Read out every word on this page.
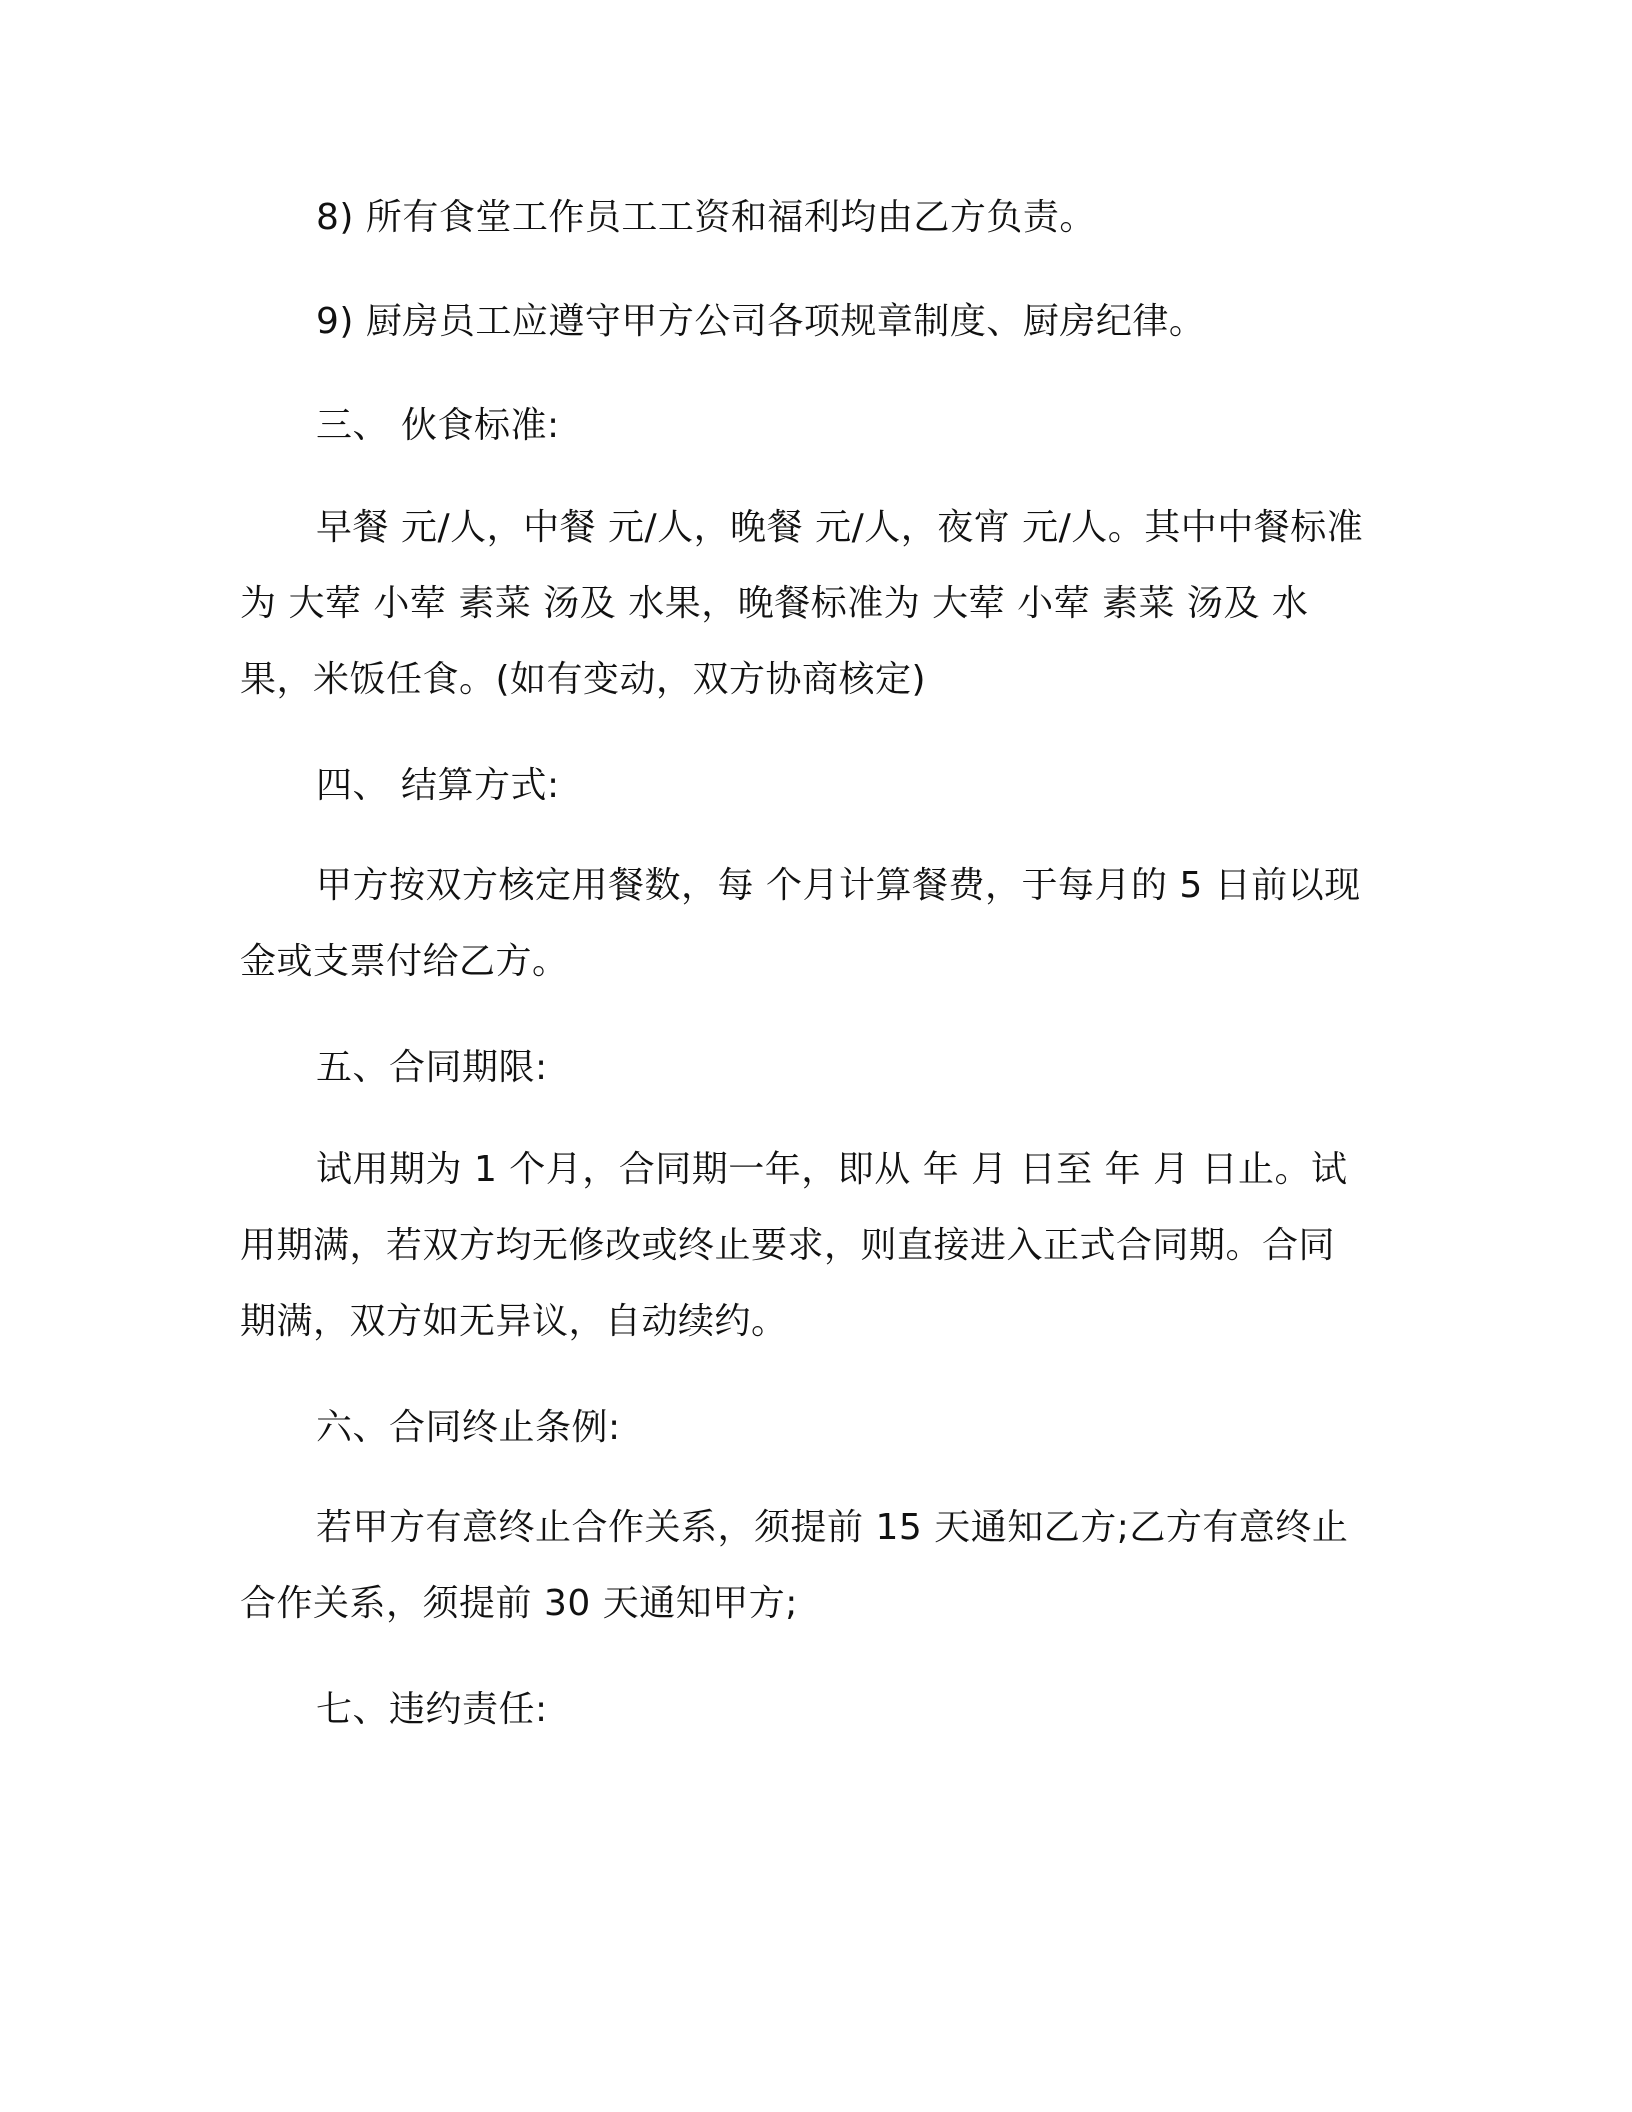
8) 所有食堂工作员工工资和福利均由乙方负责。

9) 厨房员工应遵守甲方公司各项规章制度、厨房纪律。

三、 伙食标准:

早餐 元/人，中餐 元/人，晚餐 元/人，夜宵 元/人。其中中餐标准为 大荤 小荤 素菜 汤及 水果，晚餐标准为 大荤 小荤 素菜 汤及 水果，米饭任食。(如有变动，双方协商核定)

四、 结算方式:

甲方按双方核定用餐数，每 个月计算餐费，于每月的 5 日前以现金或支票付给乙方。

五、合同期限:

试用期为 1 个月，合同期一年，即从 年 月 日至 年 月 日止。试用期满，若双方均无修改或终止要求，则直接进入正式合同期。合同期满，双方如无异议，自动续约。

六、合同终止条例:

若甲方有意终止合作关系，须提前 15 天通知乙方;乙方有意终止合作关系，须提前 30 天通知甲方;

七、违约责任:
